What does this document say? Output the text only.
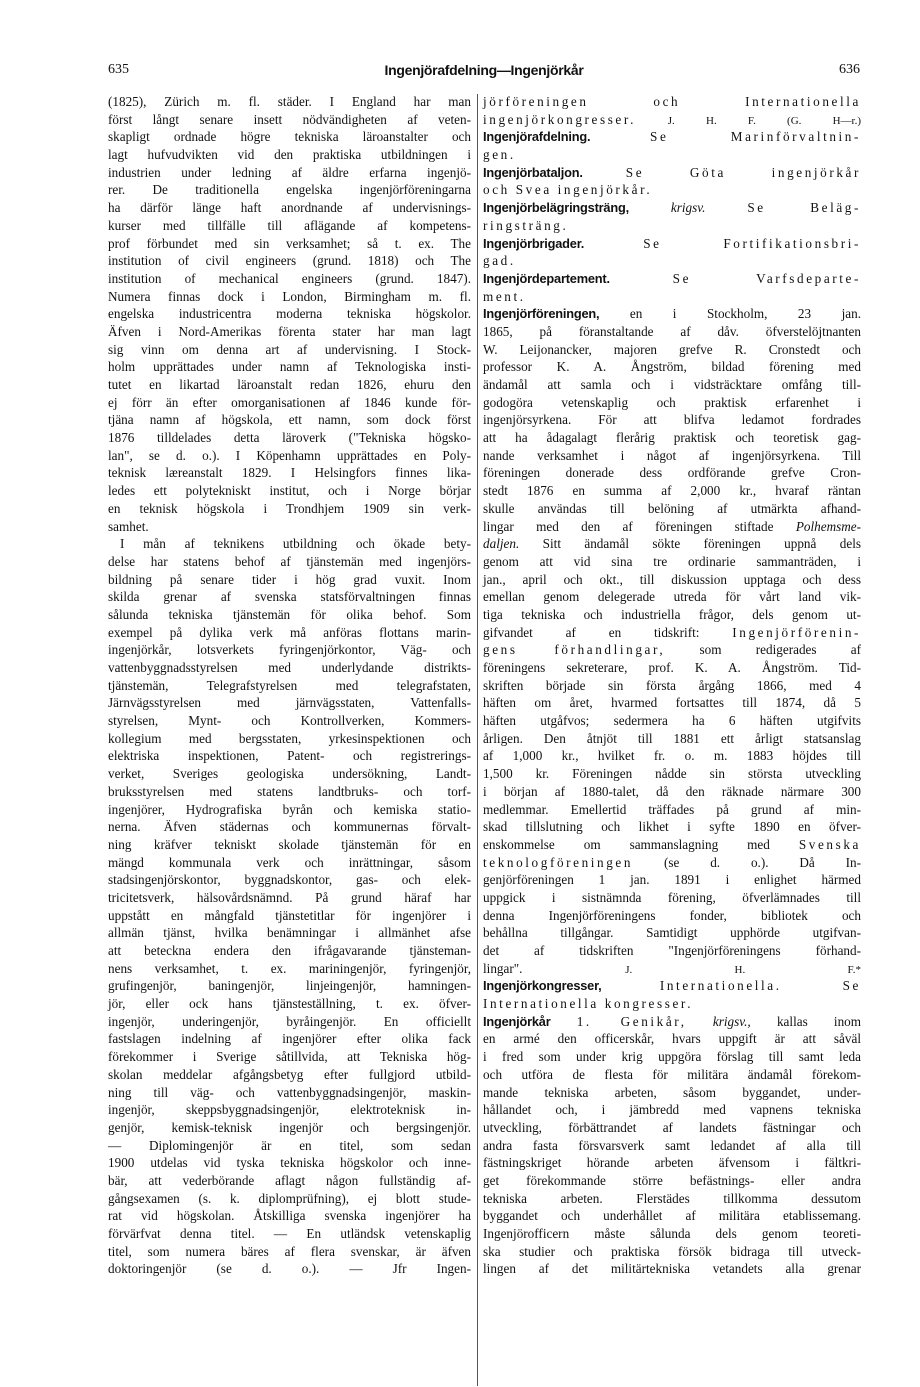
635	Ingenjörafdelning—Ingenjörkår	636
(1825), Zürich m. fl. städer. I England har man
först långt senare insett nödvändigheten af veten-
skapligt ordnade högre tekniska läroanstalter och
lagt hufvudvikten vid den praktiska utbildningen i
industrien under ledning af äldre erfarna ingenjö-
rer. De traditionella engelska ingenjörföreningarna
ha därför länge haft anordnande af undervisnings-
kurser med tillfälle till aflägande af kompetens-
prof förbundet med sin verksamhet; så t. ex. The
institution of civil engineers (grund. 1818) och The
institution of mechanical engineers (grund. 1847).
Numera finnas dock i London, Birmingham m. fl.
engelska industricentra moderna tekniska högskolor.
Äfven i Nord-Amerikas förenta stater har man lagt
sig vinn om denna art af undervisning. I Stock-
holm upprättades under namn af Teknologiska insti-
tutet en likartad läroanstalt redan 1826, ehuru den
ej förr än efter omorganisationen af 1846 kunde för-
tjäna namn af högskola, ett namn, som dock först
1876 tilldelades detta läroverk ("Tekniska högsko-
lan", se d. o.). I Köpenhamn upprättades en Poly-
teknisk læreanstalt 1829. I Helsingfors finnes lika-
ledes ett polytekniskt institut, och i Norge börjar
en teknisk högskola i Trondhjem 1909 sin verk-
samhet.
I mån af teknikens utbildning och ökade bety-
delse har statens behof af tjänstemän med ingenjörs-
bildning på senare tider i hög grad vuxit. Inom
skilda grenar af svenska statsförvaltningen finnas
sålunda tekniska tjänstemän för olika behof. Som
exempel på dylika verk må anföras flottans marin-
ingenjörkår, lotsverkets fyringenjörkontor, Väg- och
vattenbyggnadsstyrelsen med underlydande distrikts-
tjänstemän, Telegrafstyrelsen med telegrafstaten,
Järnvägsstyrelsen med järnvägsstaten, Vattenfalls-
styrelsen, Mynt- och Kontrollverken, Kommers-
kollegium med bergsstaten, yrkesinspektionen och
elektriska inspektionen, Patent- och registrerings-
verket, Sveriges geologiska undersökning, Landt-
bruksstyrelsen med statens landtbruks- och torf-
ingenjörer, Hydrografiska byrån och kemiska statio-
nerna. Äfven städernas och kommunernas förvalt-
ning kräfver tekniskt skolade tjänstemän för en
mängd kommunala verk och inrättningar, såsom
stadsingenjörskontor, byggnadskontor, gas- och elek-
tricitetsverk, hälsovårdsnämnd. På grund häraf har
uppstått en mångfald tjänstetitlar för ingenjörer i
allmän tjänst, hvilka benämningar i allmänhet afse
att beteckna endera den ifrågavarande tjänsteman-
nens verksamhet, t. ex. mariningenjör, fyringenjör,
grufingenjör, baningenjör, linjeingenjör, hamningen-
jör, eller ock hans tjänsteställning, t. ex. öfver-
ingenjör, underingenjör, byråingenjör. En officiellt
fastslagen indelning af ingenjörer efter olika fack
förekommer i Sverige såtillvida, att Tekniska hög-
skolan meddelar afgångsbetyg efter fullgjord utbild-
ning till väg- och vattenbyggnadsingenjör, maskin-
ingenjör, skeppsbyggnadsingenjör, elektroteknisk in-
genjör, kemisk-teknisk ingenjör och bergsingenjör.
— Diplomingenjör är en titel, som sedan
1900 utdelas vid tyska tekniska högskolor och inne-
bär, att vederbörande aflagt någon fullständig af-
gångsexamen (s. k. diplomprüfning), ej blott stude-
rat vid högskolan. Åtskilliga svenska ingenjörer ha
förvärfvat denna titel. — En utländsk vetenskaplig
titel, som numera bäres af flera svenskar, är äfven
doktoringenjör (se d. o.). — Jfr Ingen-
jörföreningen och Internationella
ingenjörkongresser.	J. H. F. (G. H—r.)
Ingenjörafdelning.	Se Marinförvaltnin-
gen.
Ingenjörbataljon.	Se Göta ingenjörkår
och Svea ingenjörkår.
Ingenjörbelägringsträng,	krigsv.	Se Beläg-
ringsträng.
Ingenjörbrigader.	Se Fortifikationsbri-
gad.
Ingenjördepartement.	Se Varfsdeparte-
ment.
Ingenjörföreningen, en i Stockholm, 23 jan.
1865, på föranstaltande af dåv. öfverstelöjtnanten
W. Leijonancker, majoren grefve R. Cronstedt och
professor K. A. Ångström, bildad förening med
ändamål att samla och i vidsträcktare omfång till-
godogöra vetenskaplig och praktisk erfarenhet i
ingenjörsyrkena. För att blifva ledamot fordrades
att ha ådagalagt flerårig praktisk och teoretisk gag-
nande verksamhet i något af ingenjörsyrkena. Till
föreningen donerade dess ordförande grefve Cron-
stedt 1876 en summa af 2,000 kr., hvaraf räntan
skulle användas till belöning af utmärkta afhand-
lingar med den af föreningen stiftade Polhemsme-
daljen. Sitt ändamål sökte föreningen uppnå dels
genom att vid sina tre ordinarie sammanträden, i
jan., april och okt., till diskussion upptaga och dess
emellan genom delegerade utreda för vårt land vik-
tiga tekniska och industriella frågor, dels genom ut-
gifvandet af en tidskrift: Ingenjörförenin-
gens förhandlingar,	som redigerades af
föreningens sekreterare, prof. K. A. Ångström. Tid-
skriften började sin första årgång 1866, med 4
häften om året, hvarmed fortsattes till 1874, då 5
häften utgåfvos; sedermera ha 6 häften utgifvits
årligen. Den åtnjöt till 1881 ett årligt statsanslag
af 1,000 kr., hvilket fr. o. m. 1883 höjdes till
1,500 kr. Föreningen nådde sin största utveckling
i början af 1880-talet, då den räknade närmare 300
medlemmar. Emellertid träffades på grund af min-
skad tillslutning och likhet i syfte 1890 en öfver-
enskommelse om sammanslagning med Svenska
teknologföreningen (se d. o.). Då In-
genjörföreningen 1 jan. 1891 i enlighet härmed
uppgick i sistnämnda förening, öfverlämnades till
denna Ingenjörföreningens fonder, bibliotek och
behållna tillgångar. Samtidigt upphörde utgifvan-
det af tidskriften "Ingenjörföreningens förhand-
lingar".	J. H. F.*
Ingenjörkongresser,	Internationella. Se
Internationella kongresser.
Ingenjörkår 1. Genikår, krigsv., kallas inom
en armé den officerskår, hvars uppgift är att såväl
i fred som under krig uppgöra förslag till samt leda
och utföra de flesta för militära ändamål förekom-
mande tekniska arbeten, såsom byggandet, under-
hållandet och, i jämbredd med vapnens tekniska
utveckling, förbättrandet af landets fästningar och
andra fasta försvarsverk samt ledandet af alla till
fästningskriget hörande arbeten äfvensom i fältkri-
get förekommande större befästnings- eller andra
tekniska arbeten. Flerstädes tillkomma dessutom
byggandet och underhållet af militära etablissemang.
Ingenjörofficern måste sålunda dels genom teoreti-
ska studier och praktiska försök bidraga till utveck-
lingen af det militärtekniska vetandets alla grenar
